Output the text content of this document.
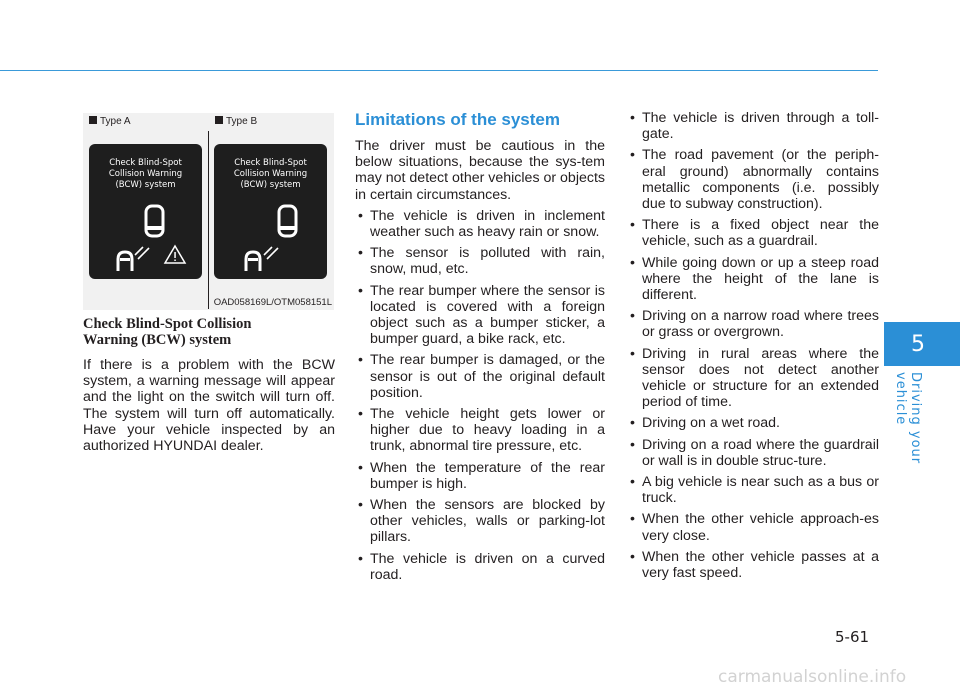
5
Driving your vehicle
Type A	Type B
Check Blind-Spot
Collision Warning
(BCW) system
Check Blind-Spot
Collision Warning
(BCW) system
OAD058169L/OTM058151L
Check Blind-Spot Collision
Warning (BCW) system

If there is a problem with the BCW system, a warning message will appear and the light on the switch will turn off. The system will turn off automatically. Have your vehicle inspected by an authorized HYUNDAI dealer.

Limitations of the system

The driver must be cautious in the below situations, because the sys-tem may not detect other vehicles or objects in certain circumstances.

• The vehicle is driven in inclement weather such as heavy rain or snow.
• The sensor is polluted with rain, snow, mud, etc.
• The rear bumper where the sensor is located is covered with a foreign object such as a bumper sticker, a bumper guard, a bike rack, etc.
• The rear bumper is damaged, or the sensor is out of the original default position.
• The vehicle height gets lower or higher due to heavy loading in a trunk, abnormal tire pressure, etc.
• When the temperature of the rear bumper is high.
• When the sensors are blocked by other vehicles, walls or parking-lot pillars.
• The vehicle is driven on a curved road.
• The vehicle is driven through a toll-gate.
• The road pavement (or the periph-eral ground) abnormally contains metallic components (i.e. possibly due to subway construction).
• There is a fixed object near the vehicle, such as a guardrail.
• While going down or up a steep road where the height of the lane is different.
• Driving on a narrow road where trees or grass or overgrown.
• Driving in rural areas where the sensor does not detect another vehicle or structure for an extended period of time.
• Driving on a wet road.
• Driving on a road where the guardrail or wall is in double struc-ture.
• A big vehicle is near such as a bus or truck.
• When the other vehicle approach-es very close.
• When the other vehicle passes at a very fast speed.
5-61
carmanualsonline.info
